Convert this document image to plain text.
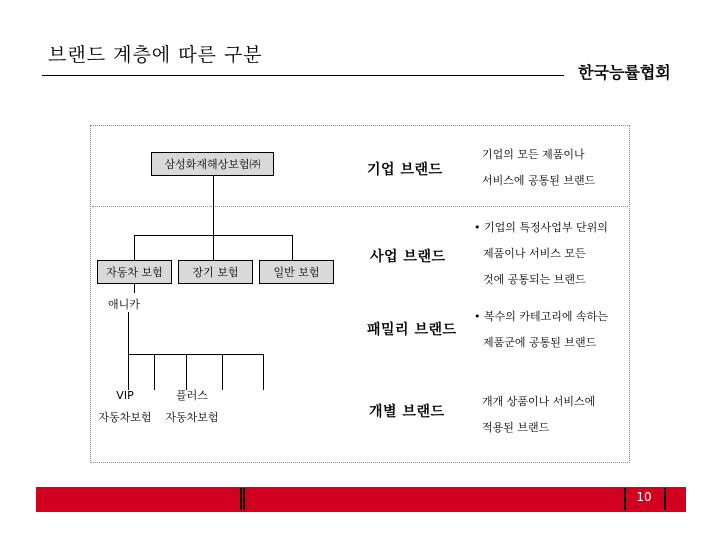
브랜드 계층에 따른 구분
한국능률협회
삼성화재해상보험㈜
자동차 보험	장기 보험	일반 보험
애니카
VIP
자동차보험
플러스
자동차보험
기업 브랜드
사업 브랜드
패밀리 브랜드
개별 브랜드
기업의 모든 제품이나
서비스에 공통된 브랜드
• 기업의 특정사업부 단위의
제품이나 서비스 모든
것에 공통되는 브랜드
• 복수의 카테고리에 속하는
제품군에 공통된 브랜드
개개 상품이나 서비스에
적용된 브랜드
10
